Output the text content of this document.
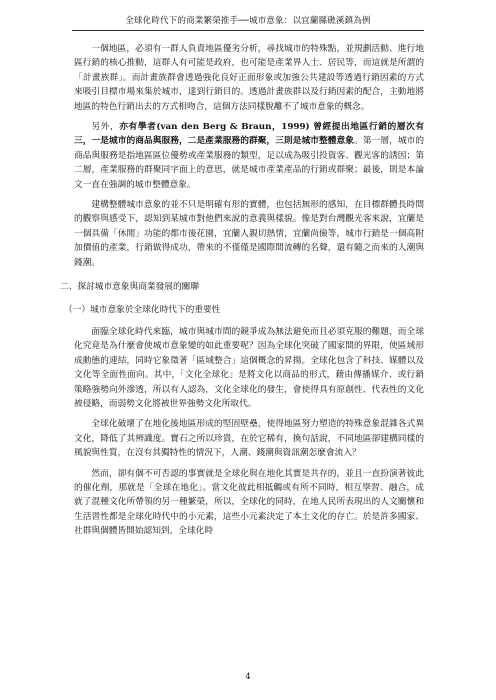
全球化時代下的商業繁榮推手──城市意象：以宜蘭縣礁溪鎮為例

一個地區，必須有一群人負責地區優劣分析，尋找城市的特殊點，並規劃活動、進行地區行銷的核心推動，這群人有可能是政府，也可能是產業界人士、居民等，而這就是所謂的「計畫族群」。而計畫族群會透過強化良好正面形象或加強公共建設等透過行銷因素的方式來吸引目標市場來集於城市，達到行銷目的。透過計畫族群以及行銷因素的配合，主動地將地區的特色行銷出去的方式相吻合，這個方法同樣脫離不了城市意象的概念。

另外，亦有學者(van den Berg & Braun，1999) 曾經提出地區行銷的層次有三，一是城市的商品與服務，二是產業服務的群聚，三則是城市整體意象。第一層，城市的商品與服務是指地區區位優勢或產業服務的類型，足以成為吸引投資客、觀光客的誘因；第二層，產業服務的群聚同字面上的意思，就是城市產業產品的行銷或群聚；最後，則是本論文一直在強調的城市整體意象。

建構整體城市意象的並不只是明確有形的實體，也包括無形的感知，在目標群體長時間的觀察與感受下，認知到某城市對他們來說的意義與樣貌。像是對台灣觀光客來說，宜蘭是一個具備「休閒」功能的都市後花園，宜蘭人親切熱情，宜蘭尚儉等，城市行銷是一個高附加價值的產業，行銷做得成功，帶來的不僅僅是國際間流轉的名聲，還有隨之而來的人潮與錢潮。

二、探討城市意象與商業發展的關聯
（一）城市意象於全球化時代下的重要性

面臨全球化時代來臨，城市與城市間的競爭成為無法避免而且必須克服的難題，而全球化究竟是為什麼會使城市意象變的如此重要呢？因為全球化突破了國家間的界限，使區域形成動態的連結，同時它象徵著「區域整合」這個概念的昇揚。全球化包含了科技、媒體以及文化等全面性面向。其中，「文化全球化」是將文化以商品的形式，藉由傳播媒介、或行銷策略強勢向外滲透，所以有人認為，文化全球化的發生，會使得具有原創性、代表性的文化被侵略，而弱勢文化將被世界強勢文化所取代。

全球化破壞了在地化後地區形成的堅固壁壘，使得地區努力塑造的特殊意象混雜各式異文化，降低了其辨識度。寶石之所以珍貴，在於它稀有，換句話說，不同地區卻建構同樣的風貌與性質，在沒有其獨特性的情況下，人潮、錢潮與資訊潮怎麼會流入？

然而，卻有個不可否認的事實就是全球化與在地化其實是共存的，並且一直扮演著彼此的催化劑，那就是「全球在地化」。當文化彼此相抵觸或有所不同時，相互學習、融合，成就了混種文化所帶領的另一種繁榮，所以，全球化的同時，在地人民所表現出的人文關懷和生活習性都是全球化時代中的小元素，這些小元素決定了本土文化的存亡。於是許多國家、社群與個體皆開始認知到，全球化時

4
